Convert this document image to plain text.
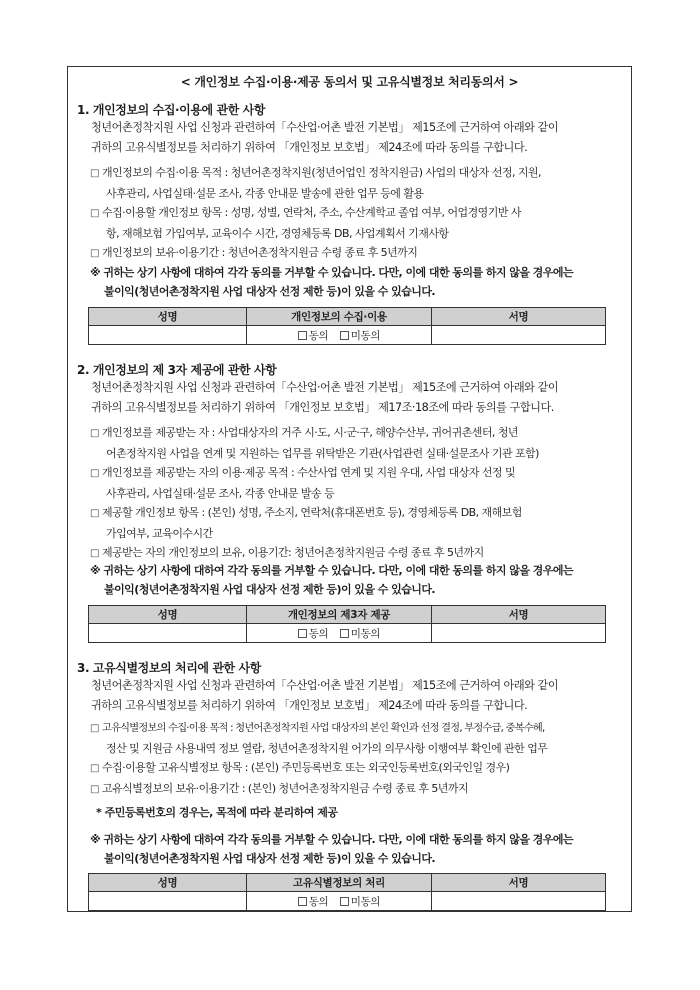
< 개인정보 수집·이용·제공 동의서 및 고유식별정보 처리동의서 >
1. 개인정보의 수집·이용에 관한 사항
청년어촌정착지원 사업 신청과 관련하여「수산업·어촌 발전 기본법」 제15조에 근거하여 아래와 같이
귀하의 고유식별정보를 처리하기 위하여 「개인정보 보호법」 제24조에 따라 동의를 구합니다.
□ 개인정보의 수집·이용 목적 : 청년어촌정착지원(청년어업인 정착지원금) 사업의 대상자 선정, 지원,
사후관리, 사업실태·설문 조사, 각종 안내문 발송에 관한 업무 등에 활용
□ 수집·이용할 개인정보 항목 : 성명, 성별, 연락처, 주소, 수산계학교 졸업 여부, 어업경영기반 사
항, 재해보험 가입여부, 교육이수 시간, 경영체등록 DB, 사업계획서 기재사항
□ 개인정보의 보유·이용기간 : 청년어촌정착지원금 수령 종료 후 5년까지
※ 귀하는 상기 사항에 대하여 각각 동의를 거부할 수 있습니다. 다만, 이에 대한 동의를 하지 않을 경우에는
불이익(청년어촌정착지원 사업 대상자 선정 제한 등)이 있을 수 있습니다.
성명	개인정보의 수집·이용	서명
	동의 미동의	
2. 개인정보의 제 3자 제공에 관한 사항
청년어촌정착지원 사업 신청과 관련하여「수산업·어촌 발전 기본법」 제15조에 근거하여 아래와 같이
귀하의 고유식별정보를 처리하기 위하여 「개인정보 보호법」 제17조·18조에 따라 동의를 구합니다.
□ 개인정보를 제공받는 자 : 사업대상자의 거주 시·도, 시·군·구, 해양수산부, 귀어귀촌센터, 청년
어촌정착지원 사업을 연계 및 지원하는 업무를 위탁받은 기관(사업관련 실태·설문조사 기관 포함)
□ 개인정보를 제공받는 자의 이용·제공 목적 : 수산사업 연계 및 지원 우대, 사업 대상자 선정 및
사후관리, 사업실태·설문 조사, 각종 안내문 발송 등
□ 제공할 개인정보 항목 : (본인) 성명, 주소지, 연락처(휴대폰번호 등), 경영체등록 DB, 재해보험
가입여부, 교육이수시간
□ 제공받는 자의 개인정보의 보유, 이용기간: 청년어촌정착지원금 수령 종료 후 5년까지
※ 귀하는 상기 사항에 대하여 각각 동의를 거부할 수 있습니다. 다만, 이에 대한 동의를 하지 않을 경우에는
불이익(청년어촌정착지원 사업 대상자 선정 제한 등)이 있을 수 있습니다.
성명	개인정보의 제3자 제공	서명
	동의 미동의	
3. 고유식별정보의 처리에 관한 사항
청년어촌정착지원 사업 신청과 관련하여「수산업·어촌 발전 기본법」 제15조에 근거하여 아래와 같이
귀하의 고유식별정보를 처리하기 위하여 「개인정보 보호법」 제24조에 따라 동의를 구합니다.
□ 고유식별정보의 수집·이용 목적 : 청년어촌정착지원 사업 대상자의 본인 확인과 선정 결정, 부정수급, 중복수혜,
정산 및 지원금 사용내역 정보 열람, 청년어촌정착지원 어가의 의무사항 이행여부 확인에 관한 업무
□ 수집·이용할 고유식별정보 항목 : (본인) 주민등록번호 또는 외국인등록번호(외국인일 경우)
□ 고유식별정보의 보유·이용기간 : (본인) 청년어촌정착지원금 수령 종료 후 5년까지
* 주민등록번호의 경우는, 목적에 따라 분리하여 제공
※ 귀하는 상기 사항에 대하여 각각 동의를 거부할 수 있습니다. 다만, 이에 대한 동의를 하지 않을 경우에는
불이익(청년어촌정착지원 사업 대상자 선정 제한 등)이 있을 수 있습니다.
성명	고유식별정보의 처리	서명
	동의 미동의	
